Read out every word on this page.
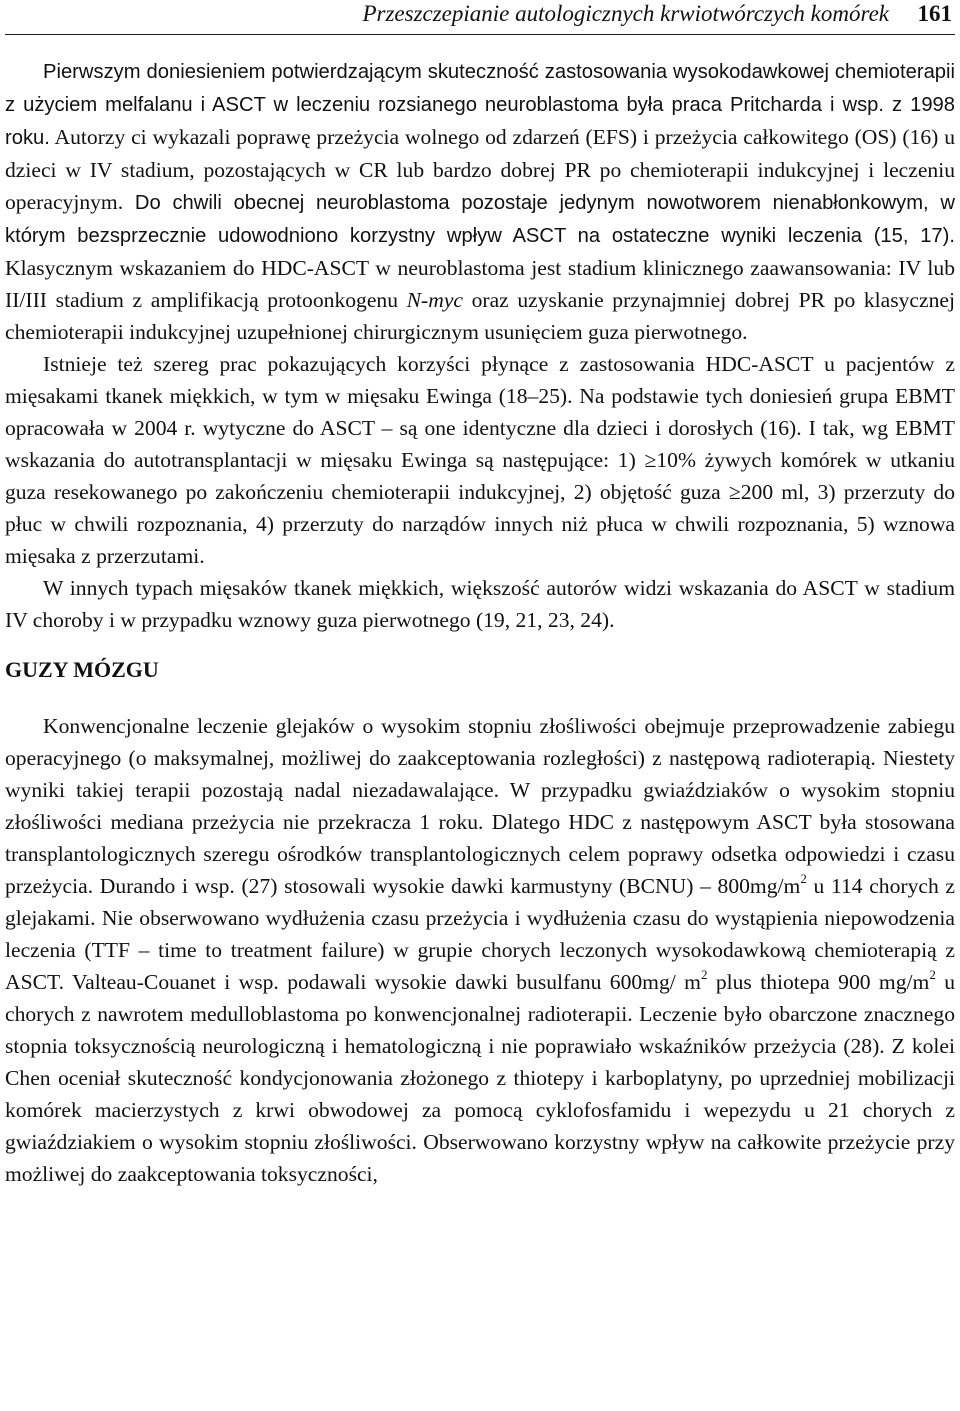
Przeszczepianie autologicznych krwiotwórczych komórek 161

Pierwszym doniesieniem potwierdzającym skuteczność zastosowania wysokodawkowej chemioterapii z użyciem melfalanu i ASCT w leczeniu rozsianego neuroblastoma była praca Pritcharda i wsp. z 1998 roku. Autorzy ci wykazali poprawę przeżycia wolnego od zdarzeń (EFS) i przeżycia całkowitego (OS) (16) u dzieci w IV stadium, pozostających w CR lub bardzo dobrej PR po chemioterapii indukcyjnej i leczeniu operacyjnym. Do chwili obecnej neuroblastoma pozostaje jedynym nowotworem nienabłonkowym, w którym bezsprzecznie udowodniono korzystny wpływ ASCT na ostateczne wyniki leczenia (15, 17). Klasycznym wskazaniem do HDC-ASCT w neuroblastoma jest stadium klinicznego zaawansowania: IV lub II/III stadium z amplifikacją protoonkogenu N-myc oraz uzyskanie przynajmniej dobrej PR po klasycznej chemioterapii indukcyjnej uzupełnionej chirurgicznym usunięciem guza pierwotnego.

Istnieje też szereg prac pokazujących korzyści płynące z zastosowania HDC-ASCT u pacjentów z mięsakami tkanek miękkich, w tym w mięsaku Ewinga (18–25). Na podstawie tych doniesień grupa EBMT opracowała w 2004 r. wytyczne do ASCT – są one identyczne dla dzieci i dorosłych (16). I tak, wg EBMT wskazania do autotransplantacji w mięsaku Ewinga są następujące: 1) ≥10% żywych komórek w utkaniu guza resekowanego po zakończeniu chemioterapii indukcyjnej, 2) objętość guza ≥200 ml, 3) przerzuty do płuc w chwili rozpoznania, 4) przerzuty do narządów innych niż płuca w chwili rozpoznania, 5) wznowa mięsaka z przerzutami.

W innych typach mięsaków tkanek miękkich, większość autorów widzi wskazania do ASCT w stadium IV choroby i w przypadku wznowy guza pierwotnego (19, 21, 23, 24).

GUZY MÓZGU

Konwencjonalne leczenie glejaków o wysokim stopniu złośliwości obejmuje przeprowadzenie zabiegu operacyjnego (o maksymalnej, możliwej do zaakceptowania rozległości) z następową radioterapią. Niestety wyniki takiej terapii pozostają nadal niezadawalające. W przypadku gwiaździaków o wysokim stopniu złośliwości mediana przeżycia nie przekracza 1 roku. Dlatego HDC z następowym ASCT była stosowana transplantologicznych szeregu ośrodków transplantologicznych celem poprawy odsetka odpowiedzi i czasu przeżycia. Durando i wsp. (27) stosowali wysokie dawki karmustyny (BCNU) – $800mg/m^2$ u 114 chorych z glejakami. Nie obserwowano wydłużenia czasu przeżycia i wydłużenia czasu do wystąpienia niepowodzenia leczenia (TTF – time to treatment failure) w grupie chorych leczonych wysokodawkową chemioterapią z ASCT. Valteau-Couanet i wsp. podawali wysokie dawki busulfanu 600mg/ $m^2$ plus thiotepa 900 $mg/m^2$ u chorych z nawrotem medulloblastoma po konwencjonalnej radioterapii. Leczenie było obarczone znacznego stopnia toksycznością neurologiczną i hematologiczną i nie poprawiało wskaźników przeżycia (28). Z kolei Chen oceniał skuteczność kondycjonowania złożonego z thiotepy i karboplatyny, po uprzedniej mobilizacji komórek macierzystych z krwi obwodowej za pomocą cyklofosfamidu i wepezydu u 21 chorych z gwiaździakiem o wysokim stopniu złośliwości. Obserwowano korzystny wpływ na całkowite przeżycie przy możliwej do zaakceptowania toksyczności,
